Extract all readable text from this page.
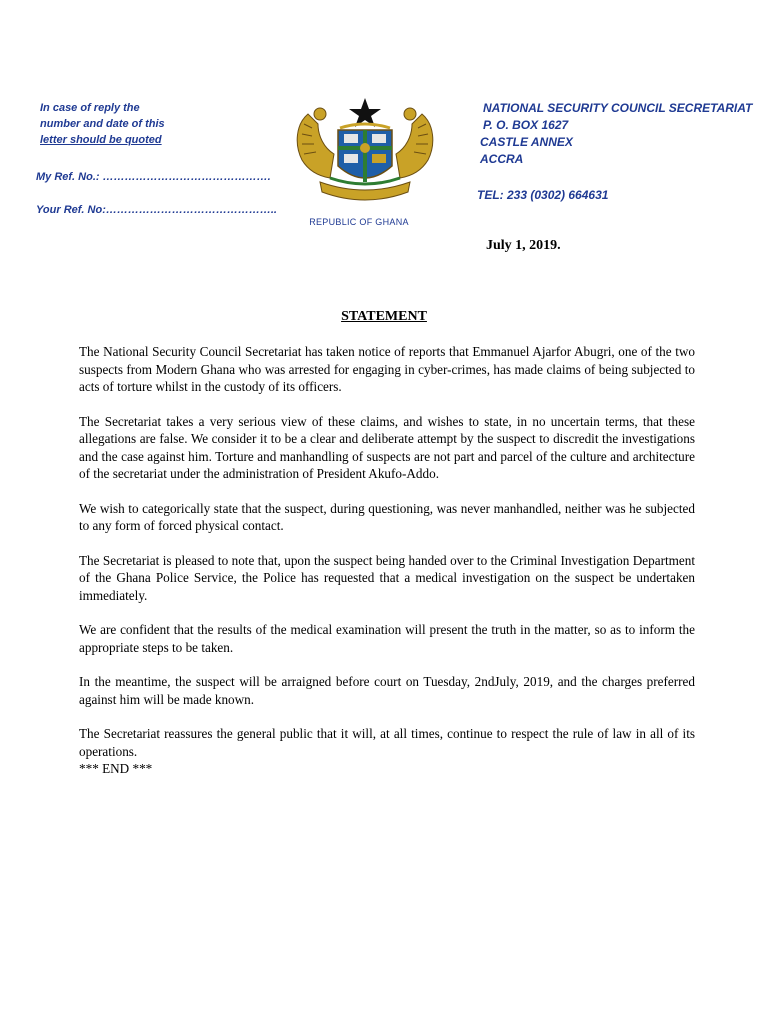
In case of reply the
number and date of this
letter should be quoted
My Ref. No.: ……………………………………….
Your Ref. No:………………………………………..
REPUBLIC OF GHANA
NATIONAL SECURITY COUNCIL SECRETARIAT
P. O. BOX 1627
CASTLE ANNEX
ACCRA
TEL: 233 (0302) 664631
July 1, 2019.
STATEMENT

The National Security Council Secretariat has taken notice of reports that Emmanuel Ajarfor Abugri, one of the two suspects from Modern Ghana who was arrested for engaging in cyber-crimes, has made claims of being subjected to acts of torture whilst in the custody of its officers.

The Secretariat takes a very serious view of these claims, and wishes to state, in no uncertain terms, that these allegations are false. We consider it to be a clear and deliberate attempt by the suspect to discredit the investigations and the case against him. Torture and manhandling of suspects are not part and parcel of the culture and architecture of the secretariat under the administration of President Akufo-Addo.

We wish to categorically state that the suspect, during questioning, was never manhandled, neither was he subjected to any form of forced physical contact.

The Secretariat is pleased to note that, upon the suspect being handed over to the Criminal Investigation Department of the Ghana Police Service, the Police has requested that a medical investigation on the suspect be undertaken immediately.

We are confident that the results of the medical examination will present the truth in the matter, so as to inform the appropriate steps to be taken.

In the meantime, the suspect will be arraigned before court on Tuesday, 2ndJuly, 2019, and the charges preferred against him will be made known.

The Secretariat reassures the general public that it will, at all times, continue to respect the rule of law in all of its operations.

*** END ***
